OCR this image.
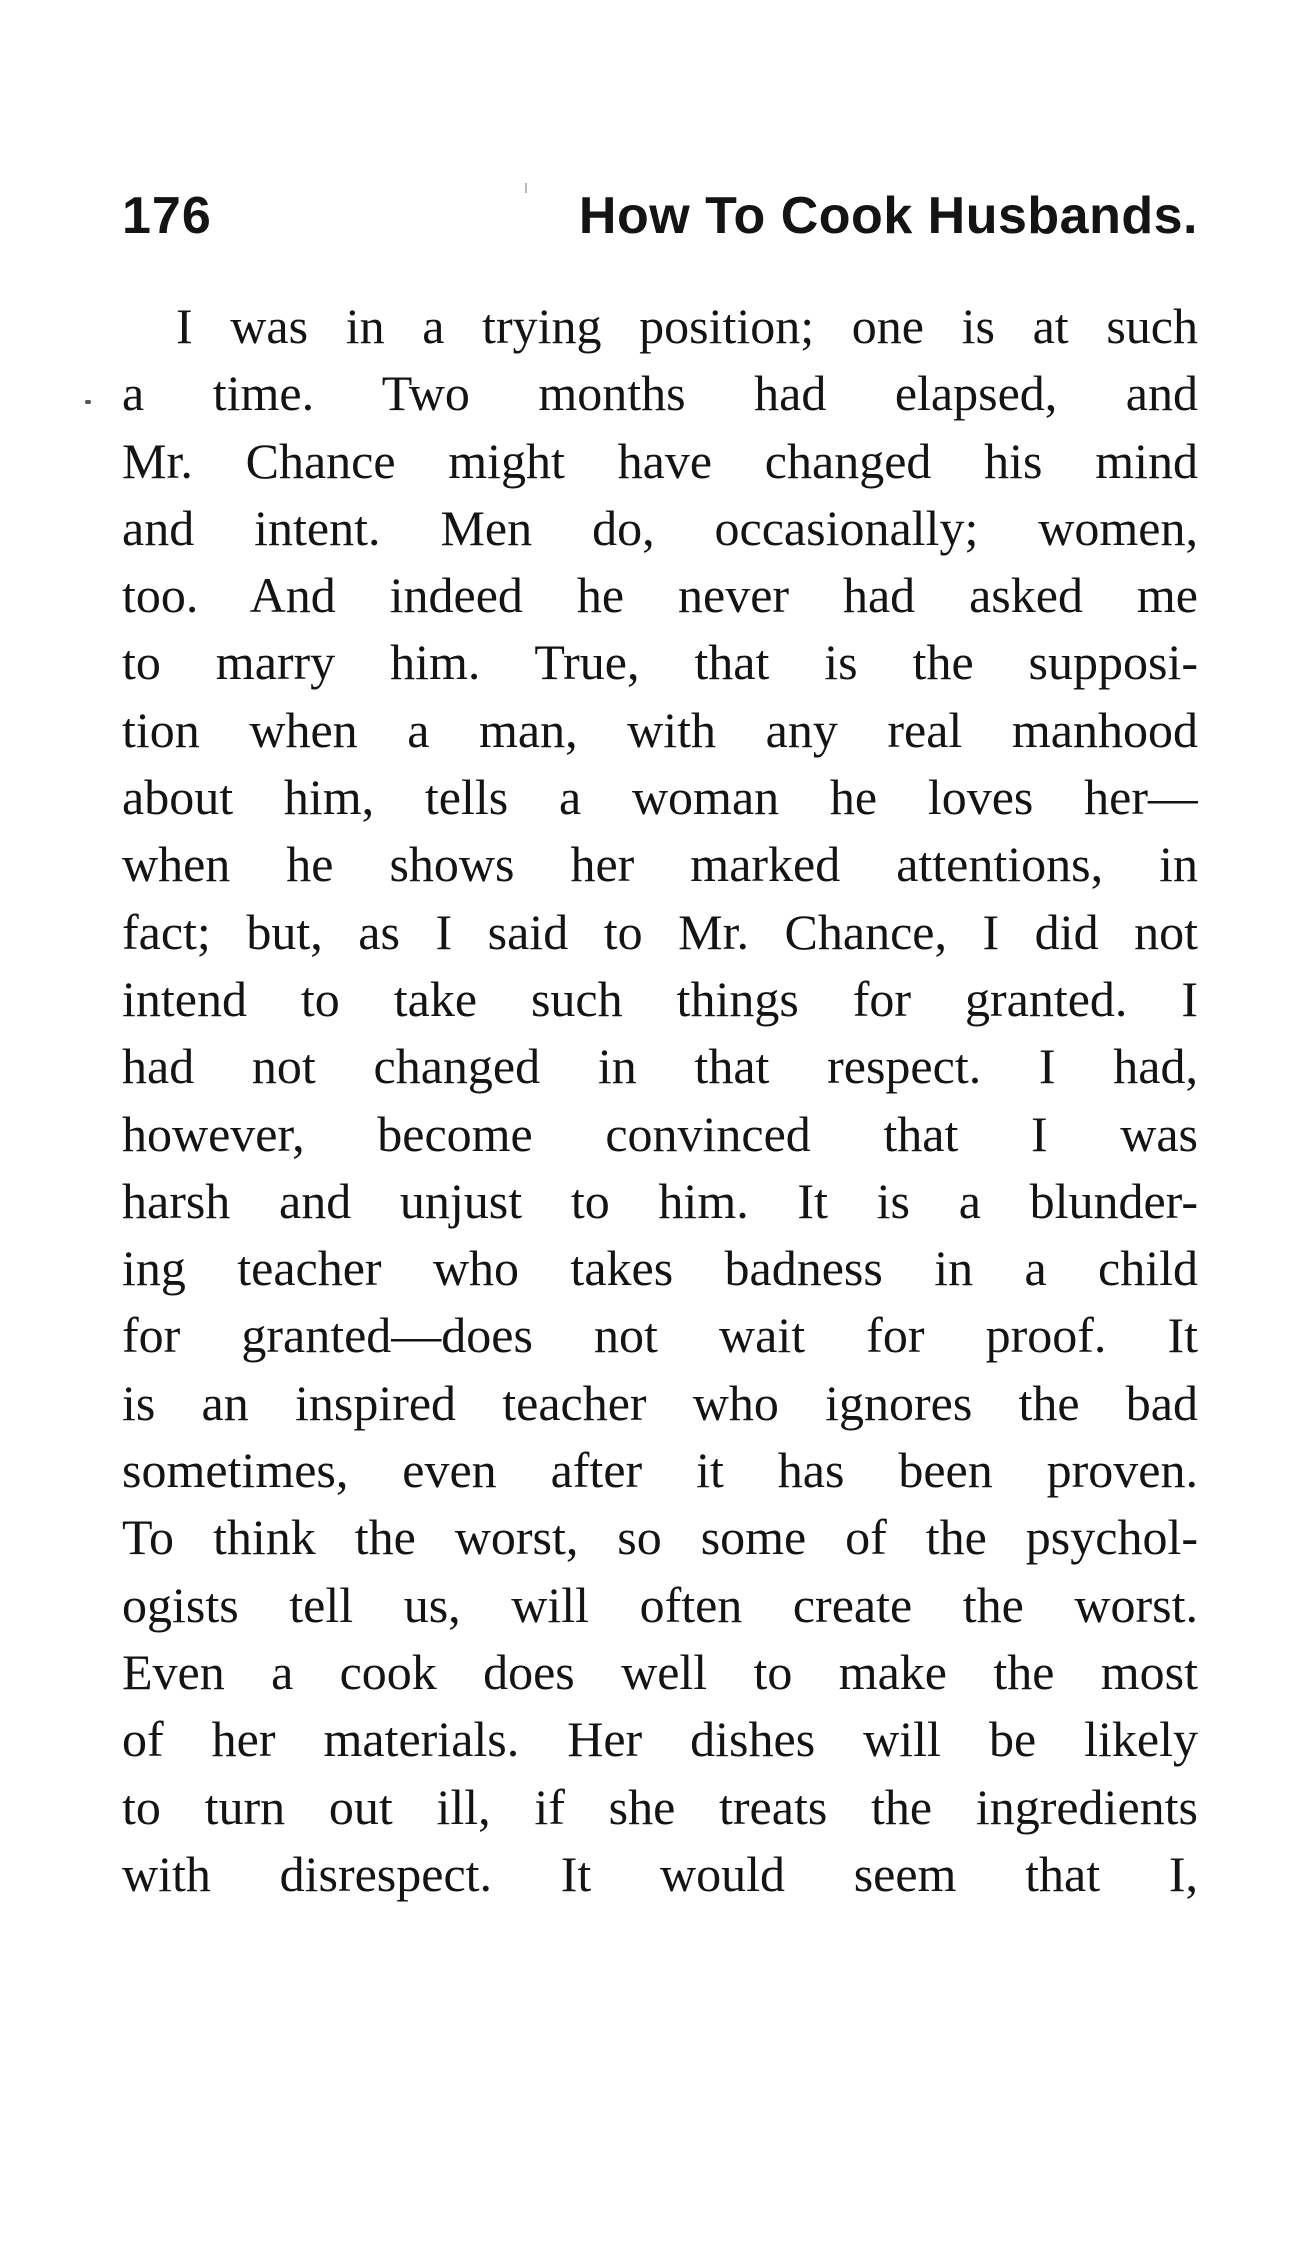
176	How To Cook Husbands.
I was in a trying position; one is at such
a time. Two months had elapsed, and
Mr. Chance might have changed his mind
and intent. Men do, occasionally; women,
too. And indeed he never had asked me
to marry him. True, that is the supposi-
tion when a man, with any real manhood
about him, tells a woman he loves her—
when he shows her marked attentions, in
fact; but, as I said to Mr. Chance, I did not
intend to take such things for granted. I
had not changed in that respect. I had,
however, become convinced that I was
harsh and unjust to him. It is a blunder-
ing teacher who takes badness in a child
for granted—does not wait for proof. It
is an inspired teacher who ignores the bad
sometimes, even after it has been proven.
To think the worst, so some of the psychol-
ogists tell us, will often create the worst.
Even a cook does well to make the most
of her materials. Her dishes will be likely
to turn out ill, if she treats the ingredients
with disrespect. It would seem that I,
